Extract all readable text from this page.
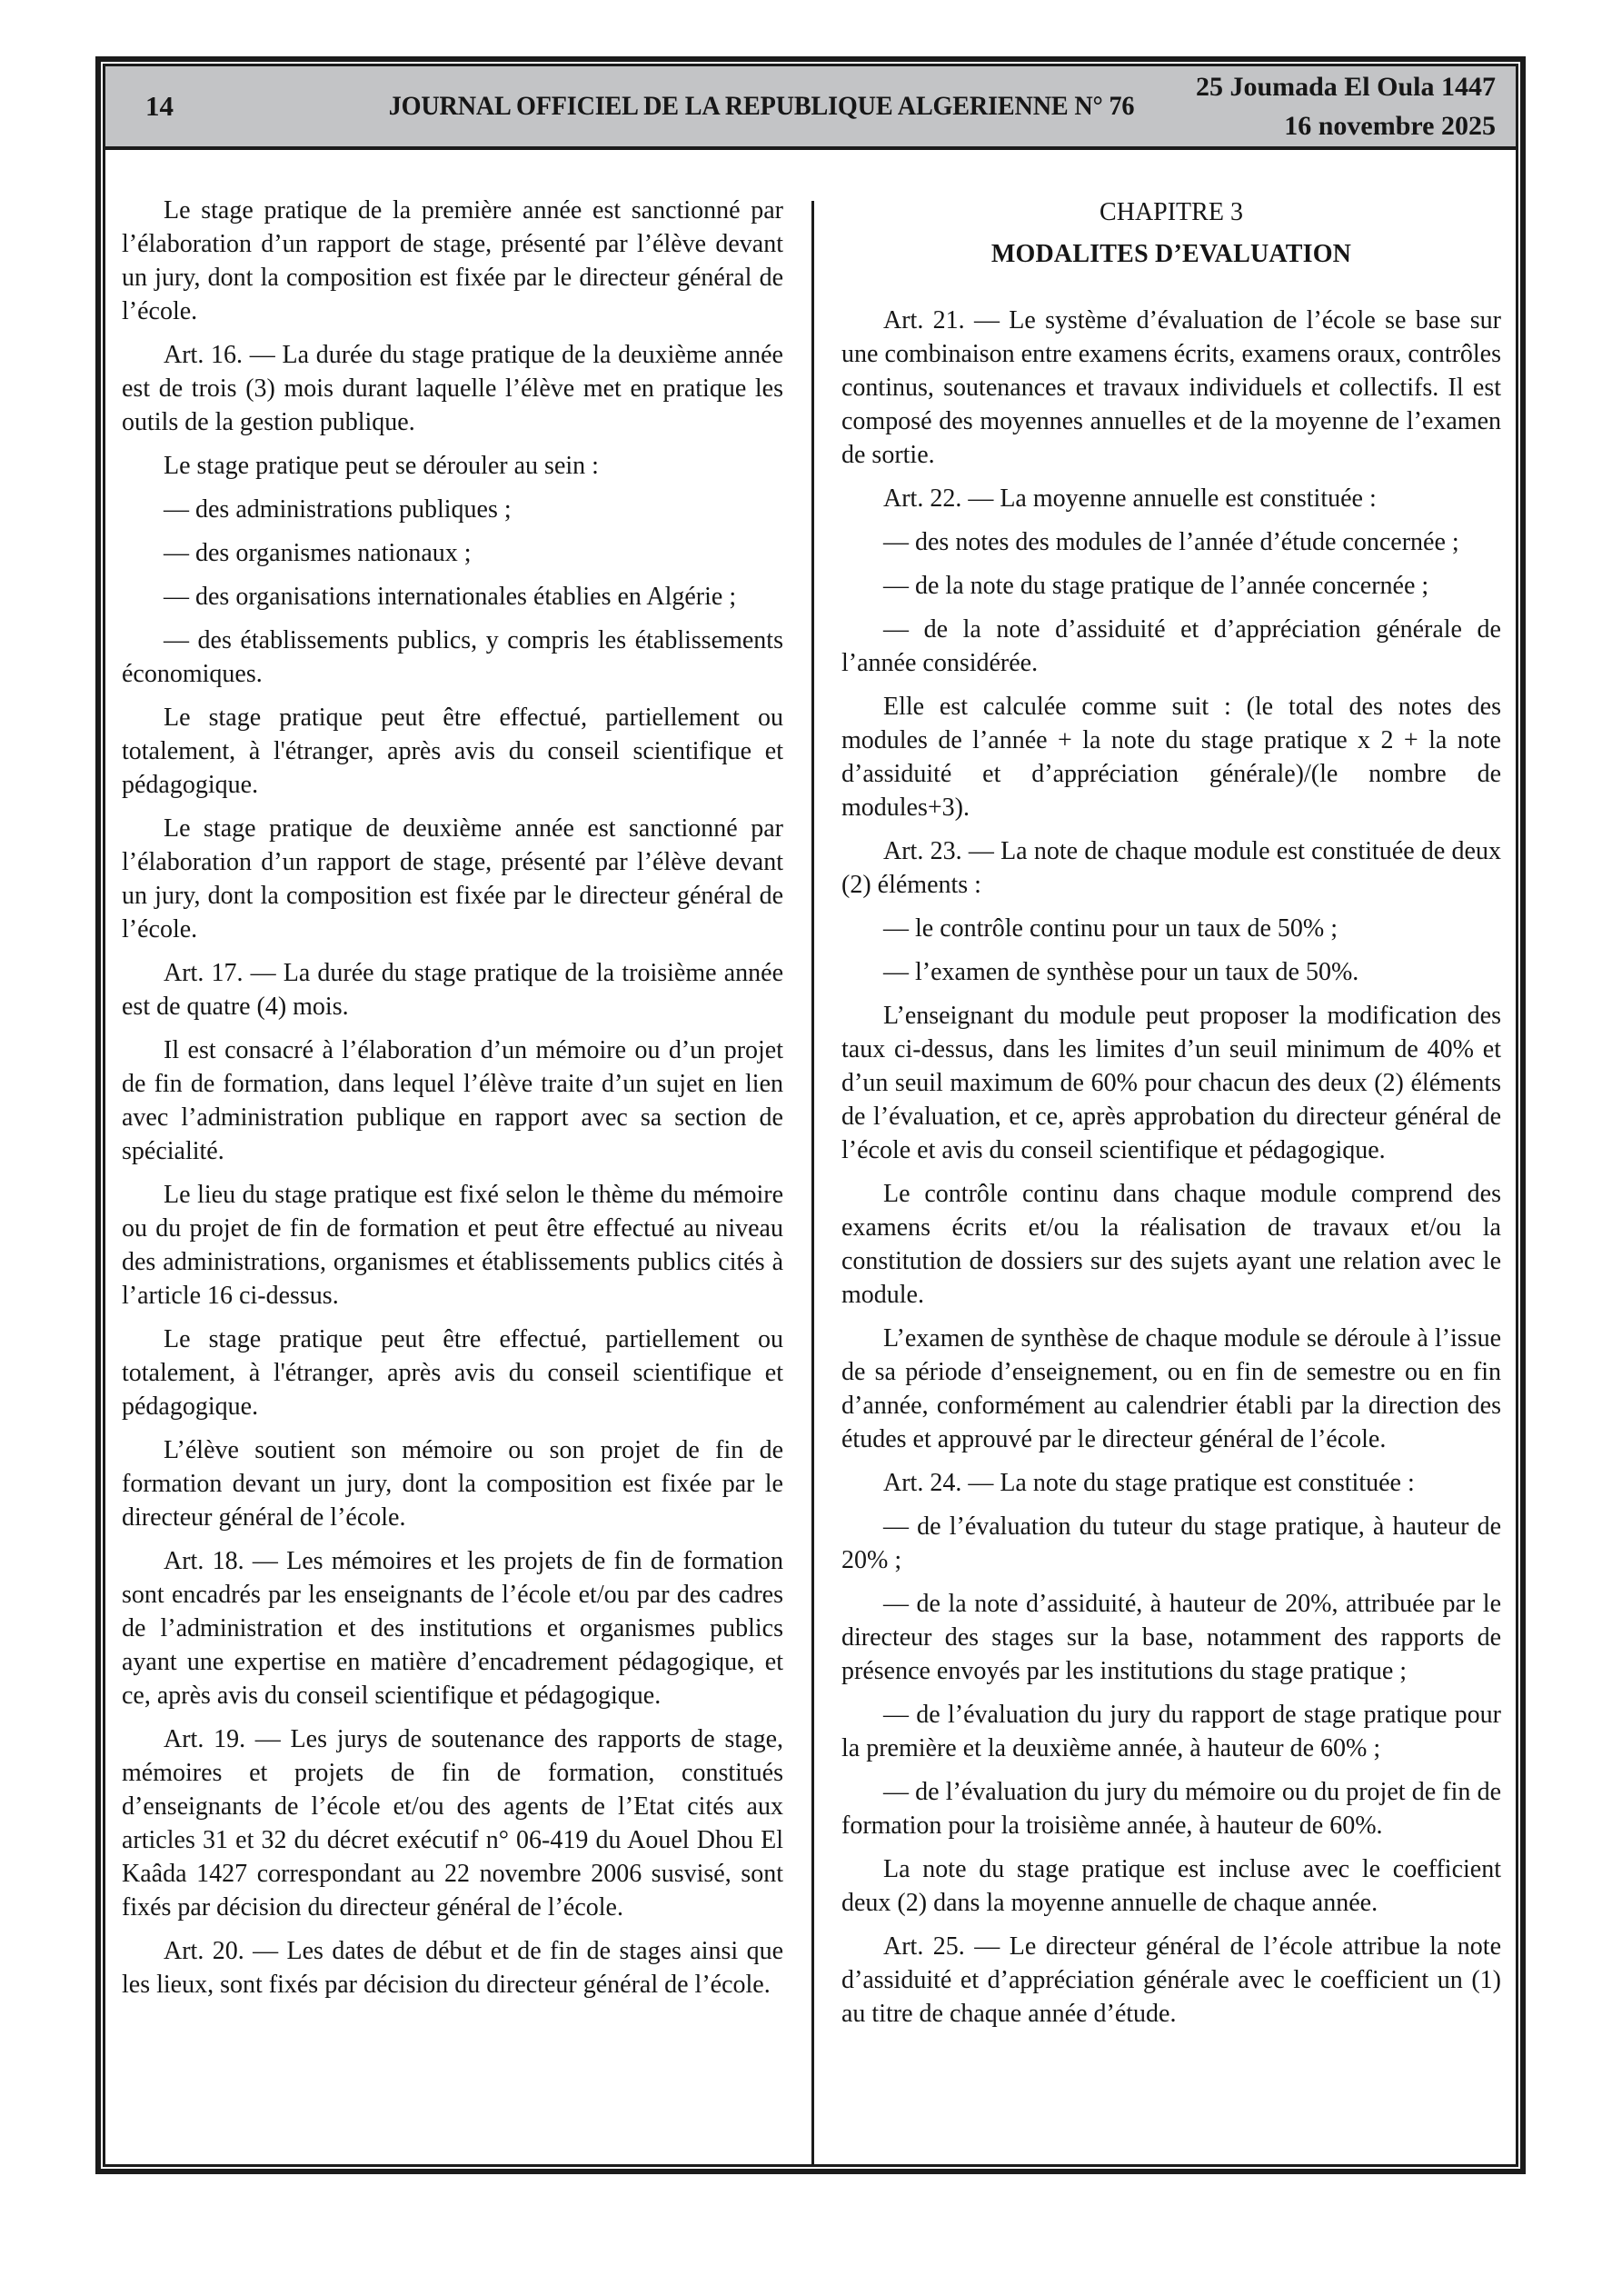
14	JOURNAL OFFICIEL DE LA REPUBLIQUE ALGERIENNE N° 76
25 Joumada El Oula 1447
16 novembre 2025

Le stage pratique de la première année est sanctionné par l’élaboration d’un rapport de stage, présenté par l’élève devant un jury, dont la composition est fixée par le directeur général de l’école.

Art. 16. — La durée du stage pratique de la deuxième année est de trois (3) mois durant laquelle l’élève met en pratique les outils de la gestion publique.

Le stage pratique peut se dérouler au sein :

— des administrations publiques ;

— des organismes nationaux ;

— des organisations internationales établies en Algérie ;

— des établissements publics, y compris les établissements économiques.

Le stage pratique peut être effectué, partiellement ou totalement, à l'étranger, après avis du conseil scientifique et pédagogique.

Le stage pratique de deuxième année est sanctionné par l’élaboration d’un rapport de stage, présenté par l’élève devant un jury, dont la composition est fixée par le directeur général de l’école.

Art. 17. — La durée du stage pratique de la troisième année est de quatre (4) mois.

Il est consacré à l’élaboration d’un mémoire ou d’un projet de fin de formation, dans lequel l’élève traite d’un sujet en lien avec l’administration publique en rapport avec sa section de spécialité.

Le lieu du stage pratique est fixé selon le thème du mémoire ou du projet de fin de formation et peut être effectué au niveau des administrations, organismes et établissements publics cités à l’article 16 ci-dessus.

Le stage pratique peut être effectué, partiellement ou totalement, à l'étranger, après avis du conseil scientifique et pédagogique.

L’élève soutient son mémoire ou son projet de fin de formation devant un jury, dont la composition est fixée par le directeur général de l’école.

Art. 18. — Les mémoires et les projets de fin de formation sont encadrés par les enseignants de l’école et/ou par des cadres de l’administration et des institutions et organismes publics ayant une expertise en matière d’encadrement pédagogique, et ce, après avis du conseil scientifique et pédagogique.

Art. 19. — Les jurys de soutenance des rapports de stage, mémoires et projets de fin de formation, constitués d’enseignants de l’école et/ou des agents de l’Etat cités aux articles 31 et 32 du décret exécutif n° 06-419 du Aouel Dhou El Kaâda 1427 correspondant au 22 novembre 2006 susvisé, sont fixés par décision du directeur général de l’école.

Art. 20. — Les dates de début et de fin de stages ainsi que les lieux, sont fixés par décision du directeur général de l’école.

CHAPITRE 3

MODALITES D’EVALUATION

Art. 21. — Le système d’évaluation de l’école se base sur une combinaison entre examens écrits, examens oraux, contrôles continus, soutenances et travaux individuels et collectifs. Il est composé des moyennes annuelles et de la moyenne de l’examen de sortie.

Art. 22. — La moyenne annuelle est constituée :

— des notes des modules de l’année d’étude concernée ;

— de la note du stage pratique de l’année concernée ;

— de la note d’assiduité et d’appréciation générale de l’année considérée.

Elle est calculée comme suit : (le total des notes des modules de l’année + la note du stage pratique x 2 + la note d’assiduité et d’appréciation générale)/(le nombre de modules+3).

Art. 23. — La note de chaque module est constituée de deux (2) éléments :

— le contrôle continu pour un taux de 50% ;

— l’examen de synthèse pour un taux de 50%.

L’enseignant du module peut proposer la modification des taux ci-dessus, dans les limites d’un seuil minimum de 40% et d’un seuil maximum de 60% pour chacun des deux (2) éléments de l’évaluation, et ce, après approbation du directeur général de l’école et avis du conseil scientifique et pédagogique.

Le contrôle continu dans chaque module comprend des examens écrits et/ou la réalisation de travaux et/ou la constitution de dossiers sur des sujets ayant une relation avec le module.

L’examen de synthèse de chaque module se déroule à l’issue de sa période d’enseignement, ou en fin de semestre ou en fin d’année, conformément au calendrier établi par la direction des études et approuvé par le directeur général de l’école.

Art. 24. — La note du stage pratique est constituée :

— de l’évaluation du tuteur du stage pratique, à hauteur de 20% ;

— de la note d’assiduité, à hauteur de 20%, attribuée par le directeur des stages sur la base, notamment des rapports de présence envoyés par les institutions du stage pratique ;

— de l’évaluation du jury du rapport de stage pratique pour la première et la deuxième année, à hauteur de 60% ;

— de l’évaluation du jury du mémoire ou du projet de fin de formation pour la troisième année, à hauteur de 60%.

La note du stage pratique est incluse avec le coefficient deux (2) dans la moyenne annuelle de chaque année.

Art. 25. — Le directeur général de l’école attribue la note d’assiduité et d’appréciation générale avec le coefficient un (1) au titre de chaque année d’étude.
